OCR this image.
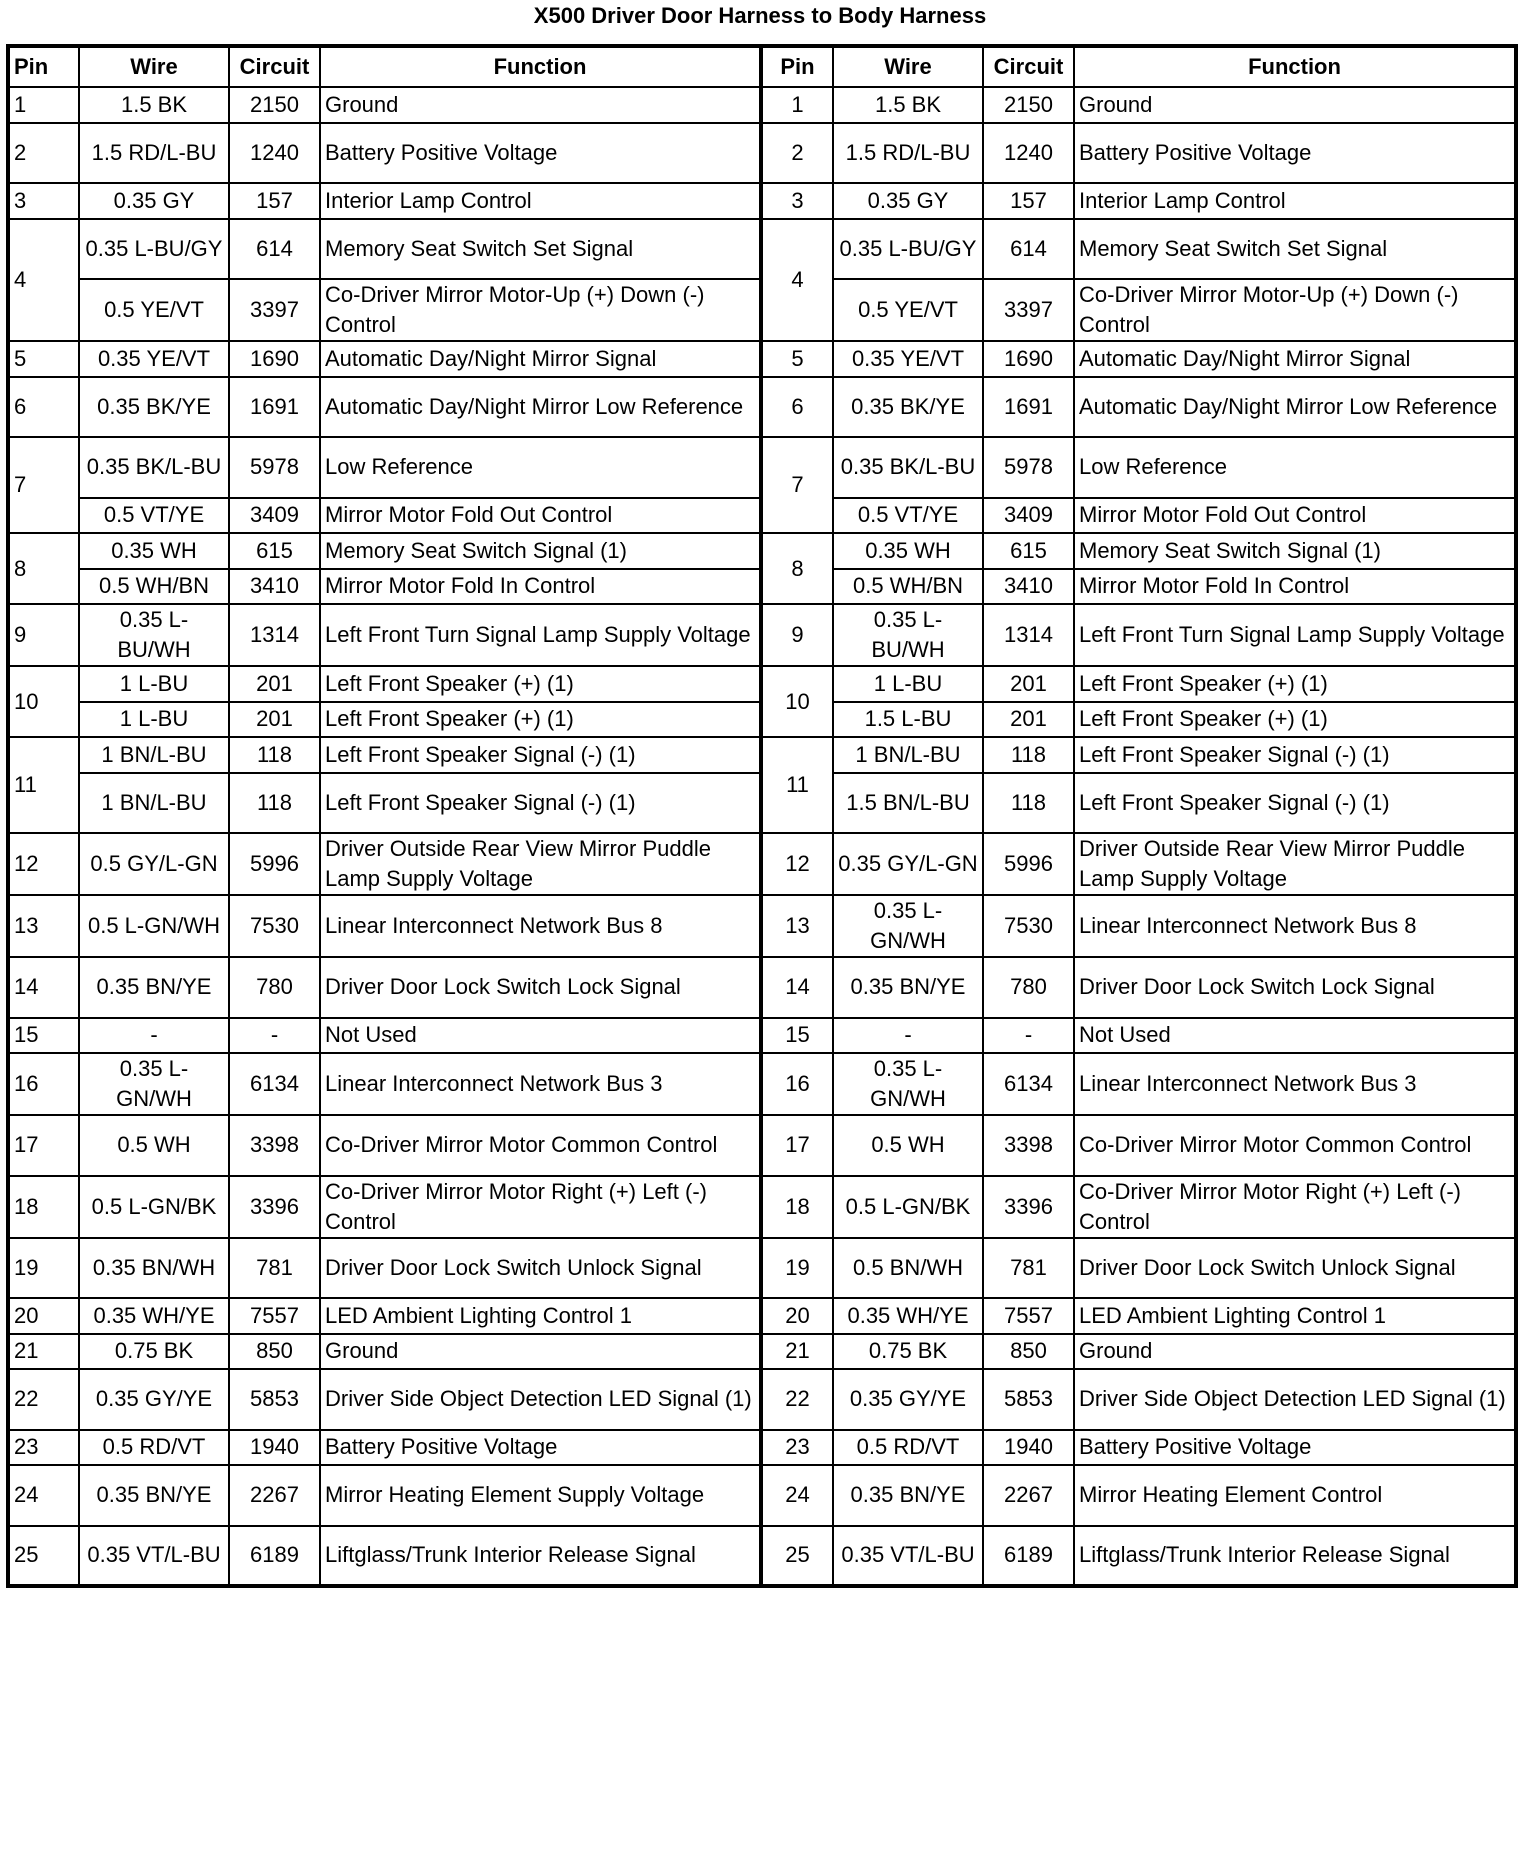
X500 Driver Door Harness to Body Harness
Pin	Wire	Circuit	Function	Pin	Wire	Circuit	Function
1	1.5 BK	2150	Ground	1	1.5 BK	2150	Ground
2	1.5 RD/L-BU	1240	Battery Positive Voltage	2	1.5 RD/L-BU	1240	Battery Positive Voltage
3	0.35 GY	157	Interior Lamp Control	3	0.35 GY	157	Interior Lamp Control
4	0.35 L-BU/GY	614	Memory Seat Switch Set Signal	4	0.35 L-BU/GY	614	Memory Seat Switch Set Signal
	0.5 YE/VT	3397	Co-Driver Mirror Motor-Up (+) Down (-) Control		0.5 YE/VT	3397	Co-Driver Mirror Motor-Up (+) Down (-) Control
5	0.35 YE/VT	1690	Automatic Day/Night Mirror Signal	5	0.35 YE/VT	1690	Automatic Day/Night Mirror Signal
6	0.35 BK/YE	1691	Automatic Day/Night Mirror Low Reference	6	0.35 BK/YE	1691	Automatic Day/Night Mirror Low Reference
7	0.35 BK/L-BU	5978	Low Reference	7	0.35 BK/L-BU	5978	Low Reference
	0.5 VT/YE	3409	Mirror Motor Fold Out Control		0.5 VT/YE	3409	Mirror Motor Fold Out Control
8	0.35 WH	615	Memory Seat Switch Signal (1)	8	0.35 WH	615	Memory Seat Switch Signal (1)
	0.5 WH/BN	3410	Mirror Motor Fold In Control		0.5 WH/BN	3410	Mirror Motor Fold In Control
9	0.35 L-BU/WH	1314	Left Front Turn Signal Lamp Supply Voltage	9	0.35 L-BU/WH	1314	Left Front Turn Signal Lamp Supply Voltage
10	1 L-BU	201	Left Front Speaker (+) (1)	10	1 L-BU	201	Left Front Speaker (+) (1)
	1 L-BU	201	Left Front Speaker (+) (1)		1.5 L-BU	201	Left Front Speaker (+) (1)
11	1 BN/L-BU	118	Left Front Speaker Signal (-) (1)	11	1 BN/L-BU	118	Left Front Speaker Signal (-) (1)
	1 BN/L-BU	118	Left Front Speaker Signal (-) (1)		1.5 BN/L-BU	118	Left Front Speaker Signal (-) (1)
12	0.5 GY/L-GN	5996	Driver Outside Rear View Mirror Puddle Lamp Supply Voltage	12	0.35 GY/L-GN	5996	Driver Outside Rear View Mirror Puddle Lamp Supply Voltage
13	0.5 L-GN/WH	7530	Linear Interconnect Network Bus 8	13	0.35 L-GN/WH	7530	Linear Interconnect Network Bus 8
14	0.35 BN/YE	780	Driver Door Lock Switch Lock Signal	14	0.35 BN/YE	780	Driver Door Lock Switch Lock Signal
15	-	-	Not Used	15	-	-	Not Used
16	0.35 L-GN/WH	6134	Linear Interconnect Network Bus 3	16	0.35 L-GN/WH	6134	Linear Interconnect Network Bus 3
17	0.5 WH	3398	Co-Driver Mirror Motor Common Control	17	0.5 WH	3398	Co-Driver Mirror Motor Common Control
18	0.5 L-GN/BK	3396	Co-Driver Mirror Motor Right (+) Left (-) Control	18	0.5 L-GN/BK	3396	Co-Driver Mirror Motor Right (+) Left (-) Control
19	0.35 BN/WH	781	Driver Door Lock Switch Unlock Signal	19	0.5 BN/WH	781	Driver Door Lock Switch Unlock Signal
20	0.35 WH/YE	7557	LED Ambient Lighting Control 1	20	0.35 WH/YE	7557	LED Ambient Lighting Control 1
21	0.75 BK	850	Ground	21	0.75 BK	850	Ground
22	0.35 GY/YE	5853	Driver Side Object Detection LED Signal (1)	22	0.35 GY/YE	5853	Driver Side Object Detection LED Signal (1)
23	0.5 RD/VT	1940	Battery Positive Voltage	23	0.5 RD/VT	1940	Battery Positive Voltage
24	0.35 BN/YE	2267	Mirror Heating Element Supply Voltage	24	0.35 BN/YE	2267	Mirror Heating Element Control
25	0.35 VT/L-BU	6189	Liftglass/Trunk Interior Release Signal	25	0.35 VT/L-BU	6189	Liftglass/Trunk Interior Release Signal
